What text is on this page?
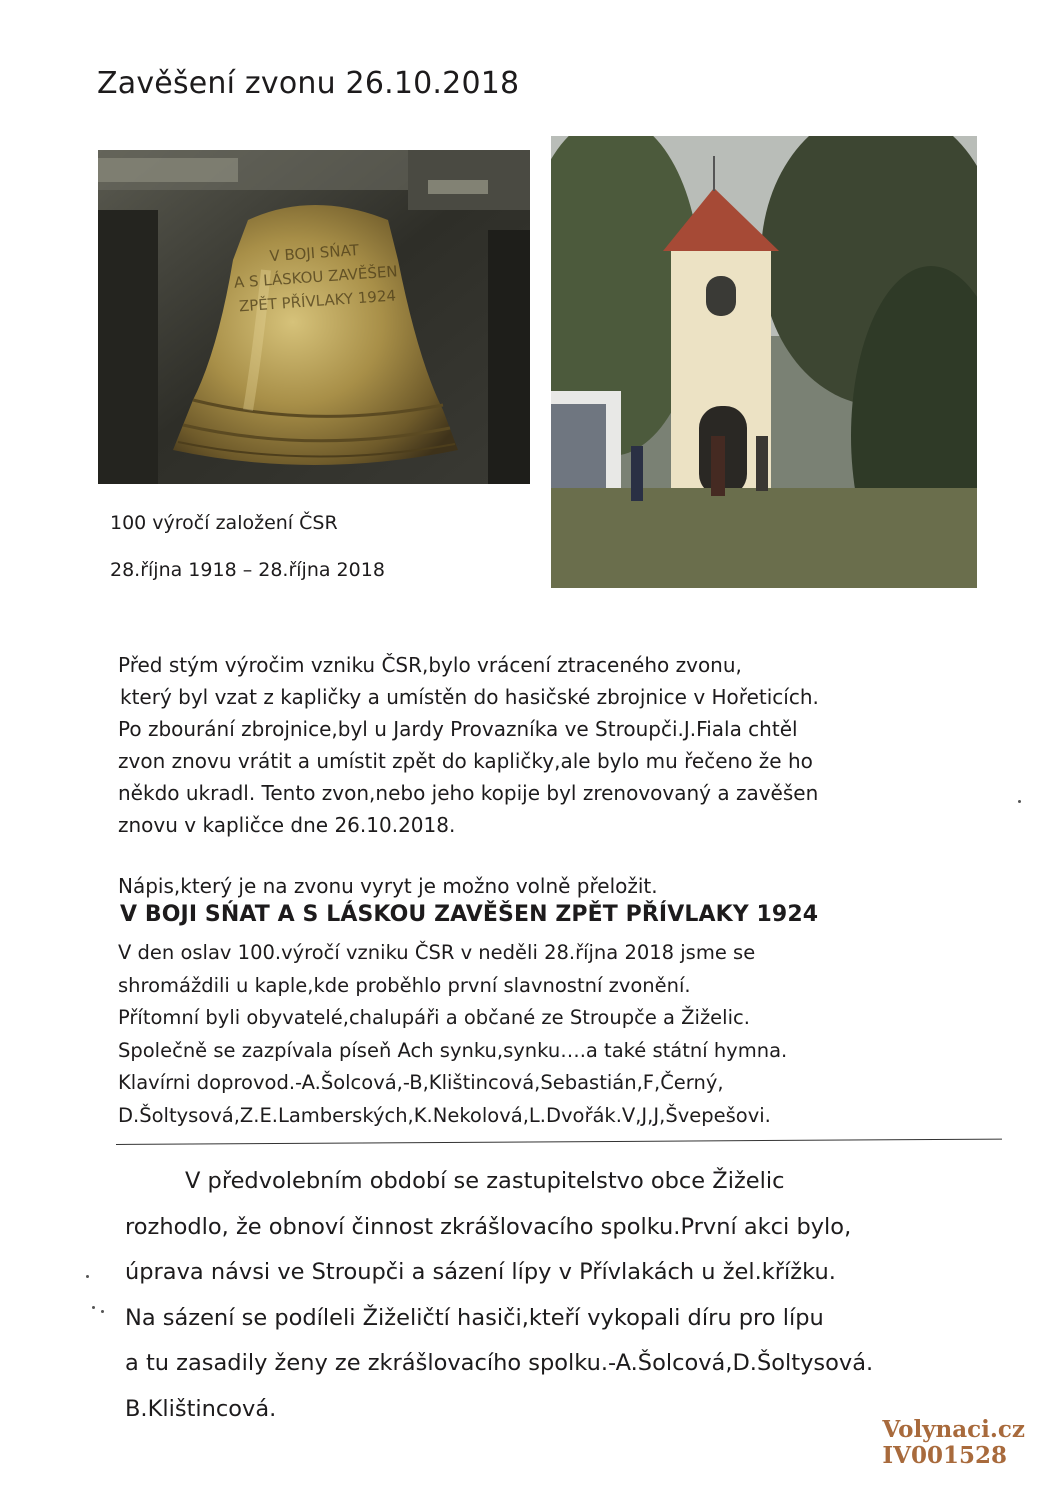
Zavěšení zvonu 26.10.2018
V BOJI SŃAT
A S LÁSKOU ZAVĚŠEN
ZPĚT PŘÍVLAKY 1924
100 výročí založení ČSR
28.října 1918 – 28.října 2018
Před stým výročim vzniku ČSR,bylo vrácení ztraceného zvonu,
který byl vzat z kapličky a umístěn do hasičské zbrojnice v Hořeticích.
Po zbourání zbrojnice,byl u Jardy Provazníka ve Stroupči.J.Fiala chtěl
zvon znovu vrátit a umístit zpět do kapličky,ale bylo mu řečeno že ho
někdo ukradl. Tento zvon,nebo jeho kopije byl zrenovovaný a zavěšen
znovu v kapličce dne 26.10.2018.
Nápis,který je na zvonu vyryt je možno volně přeložit.
V BOJI SŃAT A S LÁSKOU ZAVĚŠEN ZPĚT PŘÍVLAKY 1924
V den oslav 100.výročí vzniku ČSR v neděli 28.října 2018 jsme se
shromáždili u kaple,kde proběhlo první slavnostní zvonění.
Přítomní byli obyvatelé,chalupáři a občané ze Stroupče a Žiželic.
Společně se zazpívala píseň Ach synku,synku….a také státní hymna.
Klavírni doprovod.-A.Šolcová,-B,Klištincová,Sebastián,F,Černý,
D.Šoltysová,Z.E.Lamberských,K.Nekolová,L.Dvořák.V,J,J,Švepešovi.
V předvolebním období se zastupitelstvo obce Žiželic
rozhodlo, že obnoví činnost zkrášlovacího spolku.První akci bylo,
úprava návsi ve Stroupči a sázení lípy v Přívlakách u žel.křížku.
Na sázení se podíleli Žiželičtí hasiči,kteří vykopali díru pro lípu
a tu zasadily ženy ze zkrášlovacího spolku.-A.Šolcová,D.Šoltysová.
B.Klištincová.
Volynaci.cz
IV001528
